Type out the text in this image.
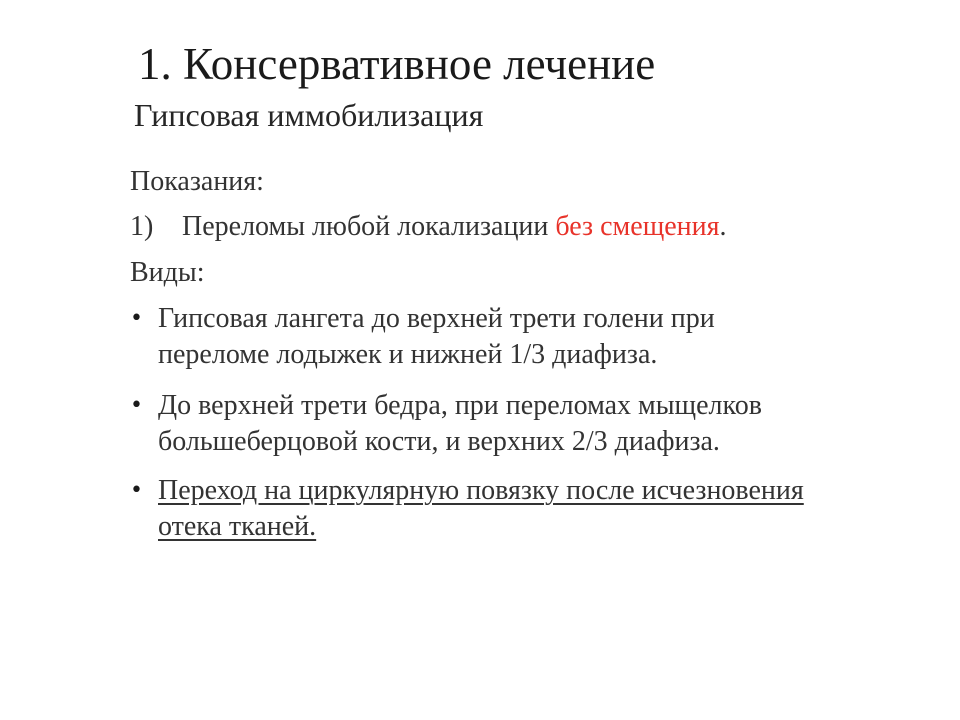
1. Консервативное лечение
Гипсовая иммобилизация
Показания:
1) Переломы любой локализации без смещения.
Виды:
• Гипсовая лангета до верхней трети голени при
переломе лодыжек и нижней 1/3 диафиза.
• До верхней трети бедра, при переломах мыщелков
большеберцовой кости, и верхних 2/3 диафиза.
• Переход на циркулярную повязку после исчезновения
отека тканей.
